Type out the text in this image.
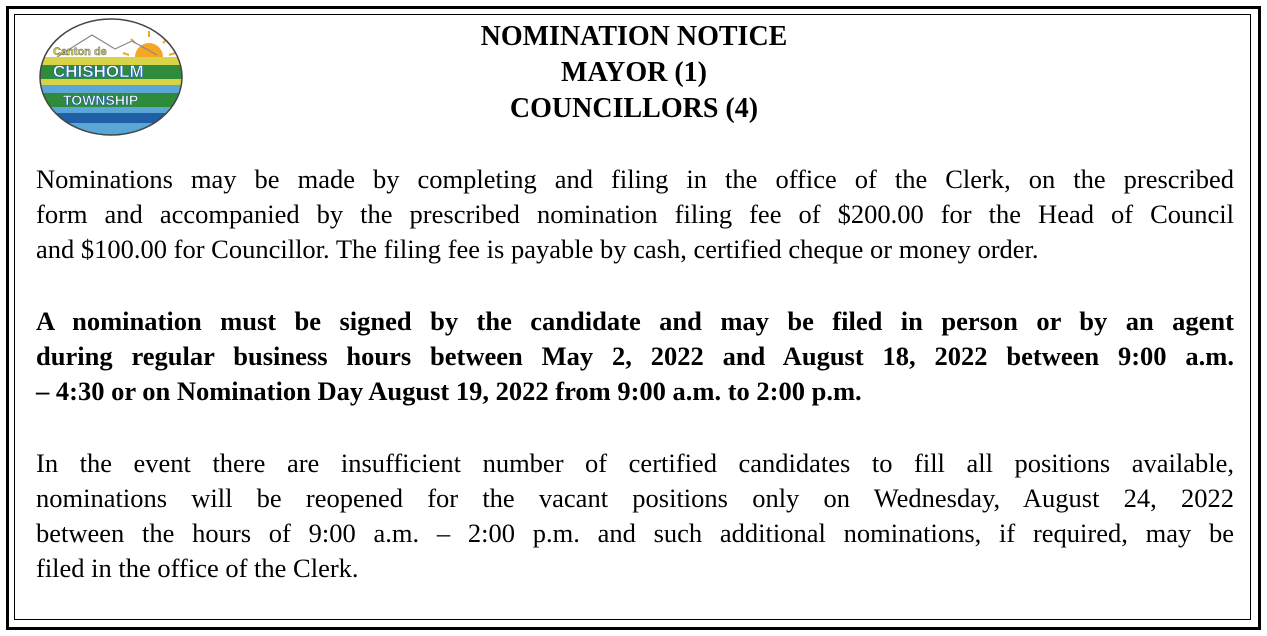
Canton de
CHISHOLM
TOWNSHIP
NOMINATION NOTICE
MAYOR (1)
COUNCILLORS (4)
Nominations may be made by completing and filing in the office of the Clerk, on the prescribed
form and accompanied by the prescribed nomination filing fee of $200.00 for the Head of Council
and $100.00 for Councillor. The filing fee is payable by cash, certified cheque or money order.
A nomination must be signed by the candidate and may be filed in person or by an agent
during regular business hours between May 2, 2022 and August 18, 2022 between 9:00 a.m.
– 4:30 or on Nomination Day August 19, 2022 from 9:00 a.m. to 2:00 p.m.
In the event there are insufficient number of certified candidates to fill all positions available,
nominations will be reopened for the vacant positions only on Wednesday, August 24, 2022
between the hours of 9:00 a.m. – 2:00 p.m. and such additional nominations, if required, may be
filed in the office of the Clerk.
